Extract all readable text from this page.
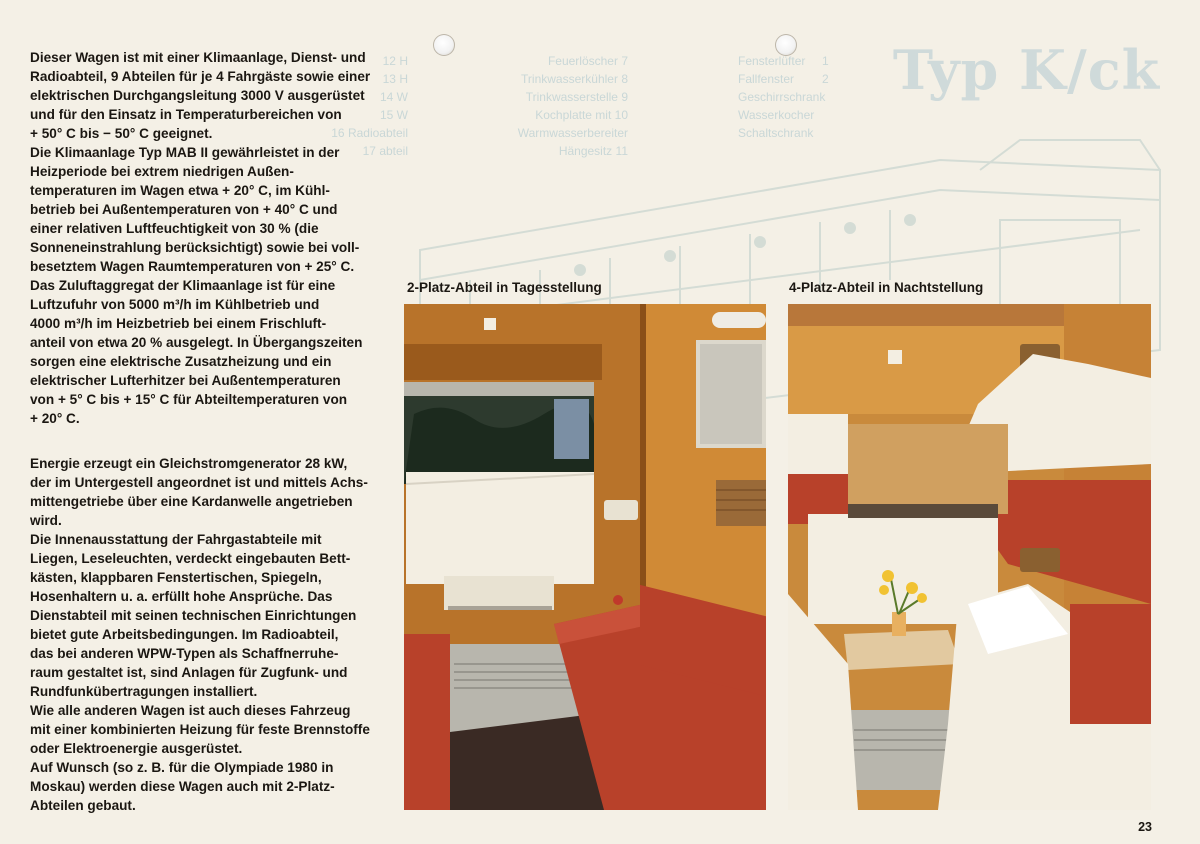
Typ K/ck
Fensterlüfter
Fallfenster
Geschirrschrank
Wasserkocher
Schaltschrank
1
2
Feuerlöscher 7
Trinkwasserkühler 8
Trinkwasserstelle 9
Kochplatte mit 10
Warmwasserbereiter
Hängesitz 11
12 H
13 H
14 W
15 W
16 Radioabteil
17 abteil

Dieser Wagen ist mit einer Klimaanlage, Dienst- und

Radioabteil, 9 Abteilen für je 4 Fahrgäste sowie einer

elektrischen Durchgangsleitung 3000 V ausgerüstet

und für den Einsatz in Temperaturbereichen von

+ 50° C bis − 50° C geeignet.

Die Klimaanlage Typ MAB II gewährleistet in der

Heizperiode bei extrem niedrigen Außen-

temperaturen im Wagen etwa + 20° C, im Kühl-

betrieb bei Außentemperaturen von + 40° C und

einer relativen Luftfeuchtigkeit von 30 % (die

Sonneneinstrahlung berücksichtigt) sowie bei voll-

besetztem Wagen Raumtemperaturen von + 25° C.

Das Zuluftaggregat der Klimaanlage ist für eine

Luftzufuhr von 5000 m³/h im Kühlbetrieb und

4000 m³/h im Heizbetrieb bei einem Frischluft-

anteil von etwa 20 % ausgelegt. In Übergangszeiten

sorgen eine elektrische Zusatzheizung und ein

elektrischer Lufterhitzer bei Außentemperaturen

von + 5° C bis + 15° C für Abteiltemperaturen von

+ 20° C.

Energie erzeugt ein Gleichstromgenerator 28 kW,

der im Untergestell angeordnet ist und mittels Achs-

mittengetriebe über eine Kardanwelle angetrieben

wird.

Die Innenausstattung der Fahrgastabteile mit

Liegen, Leseleuchten, verdeckt eingebauten Bett-

kästen, klappbaren Fenstertischen, Spiegeln,

Hosenhaltern u. a. erfüllt hohe Ansprüche. Das

Dienstabteil mit seinen technischen Einrichtungen

bietet gute Arbeitsbedingungen. Im Radioabteil,

das bei anderen WPW-Typen als Schaffnerruhe-

raum gestaltet ist, sind Anlagen für Zugfunk- und

Rundfunkübertragungen installiert.

Wie alle anderen Wagen ist auch dieses Fahrzeug

mit einer kombinierten Heizung für feste Brennstoffe

oder Elektroenergie ausgerüstet.

Auf Wunsch (so z. B. für die Olympiade 1980 in

Moskau) werden diese Wagen auch mit 2-Platz-

Abteilen gebaut.

2-Platz-Abteil in Tagesstellung	4-Platz-Abteil in Nachtstellung
23
